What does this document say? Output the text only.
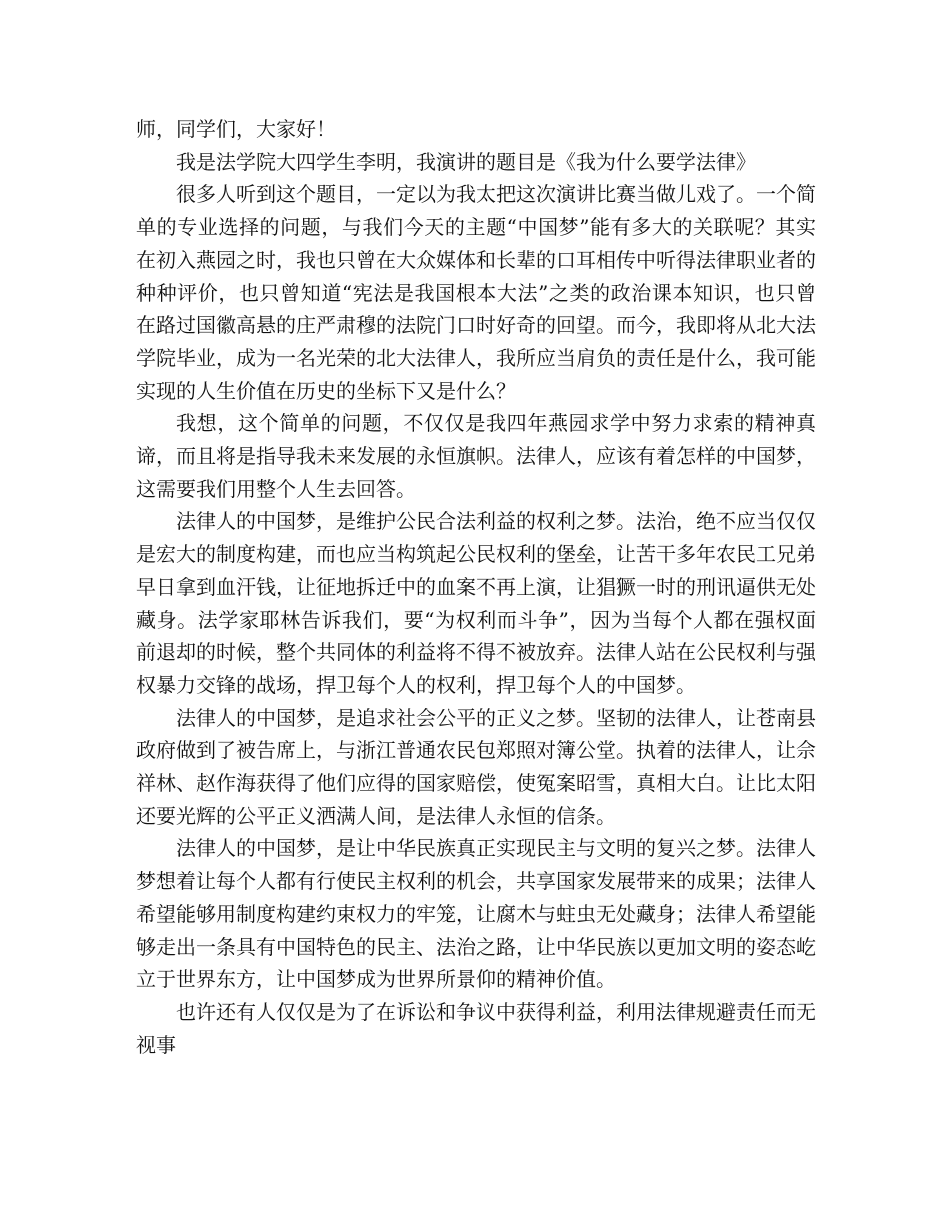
师，同学们，大家好！

我是法学院大四学生李明，我演讲的题目是《我为什么要学法律》

很多人听到这个题目，一定以为我太把这次演讲比赛当做儿戏了。一个简单的专业选择的问题，与我们今天的主题“中国梦”能有多大的关联呢？其实在初入燕园之时，我也只曾在大众媒体和长辈的口耳相传中听得法律职业者的种种评价，也只曾知道“宪法是我国根本大法”之类的政治课本知识，也只曾在路过国徽高悬的庄严肃穆的法院门口时好奇的回望。而今，我即将从北大法学院毕业，成为一名光荣的北大法律人，我所应当肩负的责任是什么，我可能实现的人生价值在历史的坐标下又是什么？

我想，这个简单的问题，不仅仅是我四年燕园求学中努力求索的精神真谛，而且将是指导我未来发展的永恒旗帜。法律人，应该有着怎样的中国梦，这需要我们用整个人生去回答。

法律人的中国梦，是维护公民合法利益的权利之梦。法治，绝不应当仅仅是宏大的制度构建，而也应当构筑起公民权利的堡垒，让苦干多年农民工兄弟早日拿到血汗钱，让征地拆迁中的血案不再上演，让猖獗一时的刑讯逼供无处藏身。法学家耶林告诉我们，要“为权利而斗争”，因为当每个人都在强权面前退却的时候，整个共同体的利益将不得不被放弃。法律人站在公民权利与强权暴力交锋的战场，捍卫每个人的权利，捍卫每个人的中国梦。

法律人的中国梦，是追求社会公平的正义之梦。坚韧的法律人，让苍南县政府做到了被告席上，与浙江普通农民包郑照对簿公堂。执着的法律人，让佘祥林、赵作海获得了他们应得的国家赔偿，使冤案昭雪，真相大白。让比太阳还要光辉的公平正义洒满人间，是法律人永恒的信条。

法律人的中国梦，是让中华民族真正实现民主与文明的复兴之梦。法律人梦想着让每个人都有行使民主权利的机会，共享国家发展带来的成果；法律人希望能够用制度构建约束权力的牢笼，让腐木与蛀虫无处藏身；法律人希望能够走出一条具有中国特色的民主、法治之路，让中华民族以更加文明的姿态屹立于世界东方，让中国梦成为世界所景仰的精神价值。

也许还有人仅仅是为了在诉讼和争议中获得利益，利用法律规避责任而无视事
